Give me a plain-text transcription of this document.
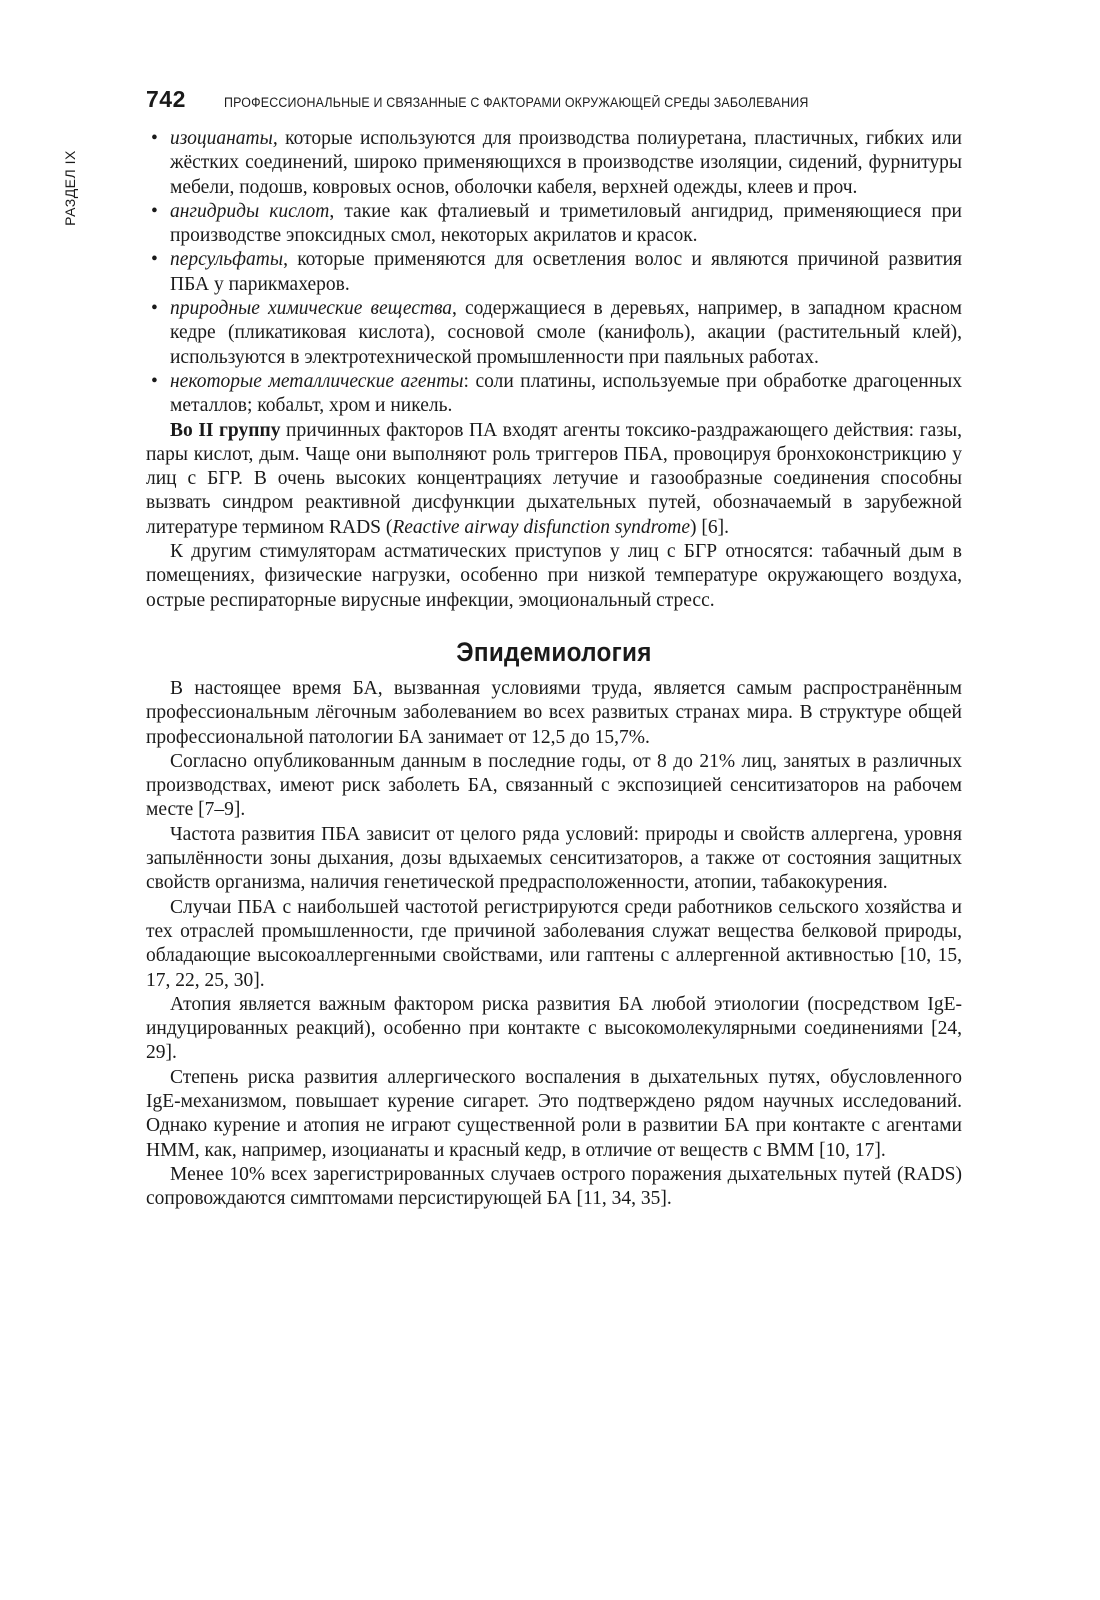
РАЗДЕЛ IX
742	ПРОФЕССИОНАЛЬНЫЕ И СВЯЗАННЫЕ С ФАКТОРАМИ ОКРУЖАЮЩЕЙ СРЕДЫ ЗАБОЛЕВАНИЯ
• изоцианаты, которые используются для производства полиуретана, пластичных, гибких или жёстких соединений, широко применяющихся в производстве изоляции, сидений, фурнитуры мебели, подошв, ковровых основ, оболочки кабеля, верхней одежды, клеев и проч.
• ангидриды кислот, такие как фталиевый и триметиловый ангидрид, применяющиеся при производстве эпоксидных смол, некоторых акрилатов и красок.
• персульфаты, которые применяются для осветления волос и являются причиной развития ПБА у парикмахеров.
• природные химические вещества, содержащиеся в деревьях, например, в западном красном кедре (пликатиковая кислота), сосновой смоле (канифоль), акации (растительный клей), используются в электротехнической промышленности при паяльных работах.
• некоторые металлические агенты: соли платины, используемые при обработке драгоценных металлов; кобальт, хром и никель.

Во II группу причинных факторов ПА входят агенты токсико-раздражающего действия: газы, пары кислот, дым. Чаще они выполняют роль триггеров ПБА, провоцируя бронхоконстрикцию у лиц с БГР. В очень высоких концентрациях летучие и газообразные соединения способны вызвать синдром реактивной дисфункции дыхательных путей, обозначаемый в зарубежной литературе термином RADS (Reactive airway disfunction syndrome) [6].

К другим стимуляторам астматических приступов у лиц с БГР относятся: табачный дым в помещениях, физические нагрузки, особенно при низкой температуре окружающего воздуха, острые респираторные вирусные инфекции, эмоциональный стресс.

Эпидемиология

В настоящее время БА, вызванная условиями труда, является самым распространённым профессиональным лёгочным заболеванием во всех развитых странах мира. В структуре общей профессиональной патологии БА занимает от 12,5 до 15,7%.

Согласно опубликованным данным в последние годы, от 8 до 21% лиц, занятых в различных производствах, имеют риск заболеть БА, связанный с экспозицией сенситизаторов на рабочем месте [7–9].

Частота развития ПБА зависит от целого ряда условий: природы и свойств аллергена, уровня запылённости зоны дыхания, дозы вдыхаемых сенситизаторов, а также от состояния защитных свойств организма, наличия генетической предрасположенности, атопии, табакокурения.

Случаи ПБА с наибольшей частотой регистрируются среди работников сельского хозяйства и тех отраслей промышленности, где причиной заболевания служат вещества белковой природы, обладающие высокоаллергенными свойствами, или гаптены с аллергенной активностью [10, 15, 17, 22, 25, 30].

Атопия является важным фактором риска развития БА любой этиологии (посредством IgE-индуцированных реакций), особенно при контакте с высокомолекулярными соединениями [24, 29].

Степень риска развития аллергического воспаления в дыхательных путях, обусловленного IgE-механизмом, повышает курение сигарет. Это подтверждено рядом научных исследований. Однако курение и атопия не играют существенной роли в развитии БА при контакте с агентами НММ, как, например, изоцианаты и красный кедр, в отличие от веществ с ВММ [10, 17].

Менее 10% всех зарегистрированных случаев острого поражения дыхательных путей (RADS) сопровождаются симптомами персистирующей БА [11, 34, 35].
